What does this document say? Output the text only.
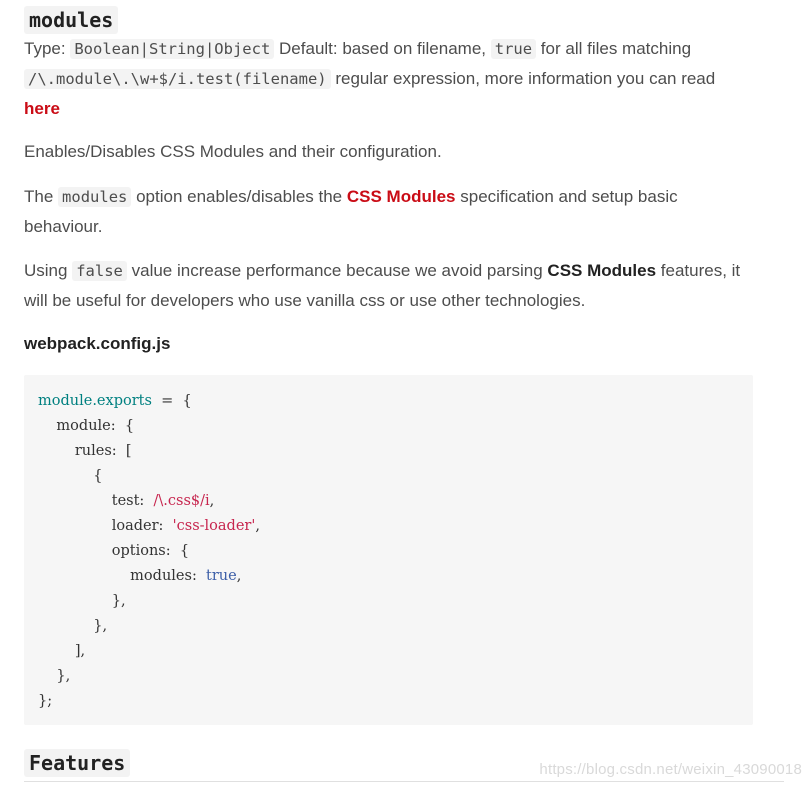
modules

Type: Boolean|String|Object Default: based on filename, true for all files matching /\.module\.\w+$/i.test(filename) regular expression, more information you can read
here

Enables/Disables CSS Modules and their configuration.

The modules option enables/disables the CSS Modules specification and setup basic behaviour.

Using false value increase performance because we avoid parsing CSS Modules features, it will be useful for developers who use vanilla css or use other technologies.

webpack.config.js
module.exports  =  {
module:  {
rules:  [
{
test:  /\.css$/i,
loader:  'css-loader',
options:  {
modules:  true,
},
},
],
},
};
Features	https://blog.csdn.net/weixin_43090018
